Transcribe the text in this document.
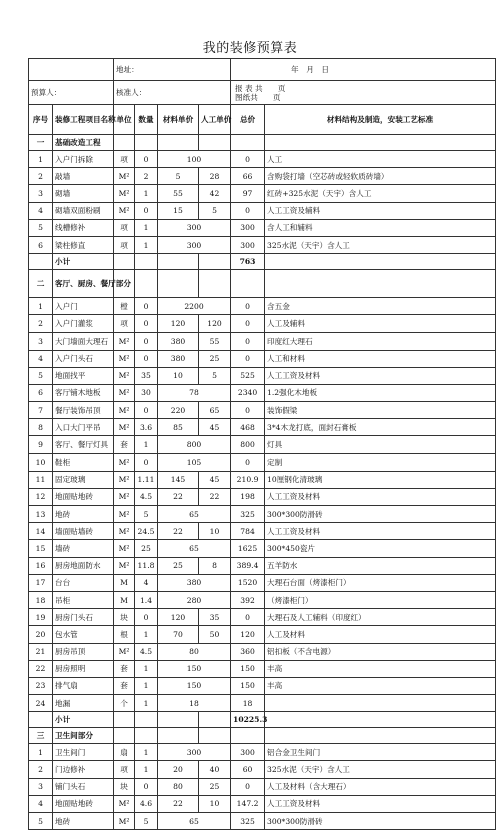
我的装修预算表
		地址：				年　月　日	
预算人：		核准人：				报 表 共　　页
图纸共　　页	

序号	装修工程项目名称	单位	数量	材料单价	人工单价	总价	材料结构及制造，安装工艺标准
一	基础改造工程						
1	入户门拆除	项	0	100		0	人工
2	敲墙	M²	2	5	28	66	含购袋打墙（空芯砖或轻软质砖墙）
3	砌墙	M²	1	55	42	97	红砖+325水泥（天宇）含人工
4	砌墙双面粉刷	M²	0	15	5	0	人工工资及辅料
5	线槽修补	项	1	300		300	含人工和辅料
6	梁柱修直	项	1	300		300	325水泥（天宇）含人工
	小计					763	
二	客厅、厨房、餐厅部分						
1	入户门	樘	0	2200		0	含五金
2	入户门灌浆	项	0	120	120	0	人工及辅料
3	大门墙面大理石	M²	0	380	55	0	印度红大理石
4	入户门头石	M²	0	380	25	0	人工和材料
5	地面找平	M²	35	10	5	525	人工工资及材料
6	客厅铺木地板	M²	30	78		2340	1.2强化木地板
7	餐厅装饰吊顶	M²	0	220	65	0	装饰假梁
8	入口大门平吊	M²	3.6	85	45	468	3*4木龙打底，面封石膏板
9	客厅、餐厅灯具	套	1	800		800	灯具
10	鞋柜	M²	0	105		0	定制
11	固定玻璃	M²	1.11	145	45	210.9	10厘钢化清玻璃
12	地面贴地砖	M²	4.5	22	22	198	人工工资及材料
13	地砖	M²	5	65		325	300*300防滑砖
14	墙面贴墙砖	M²	24.5	22	10	784	人工工资及材料
15	墙砖	M²	25	65		1625	300*450瓷片
16	厨房地面防水	M²	11.8	25	8	389.4	五羊防水
17	台台	M	4	380		1520	大理石台面（烤漆柜门）
18	吊柜	M	1.4	280		392	（烤漆柜门）
19	厨房门头石	块	0	120	35	0	大理石及人工辅料（印度红）
20	包水管	根	1	70	50	120	人工及材料
21	厨房吊顶	M²	4.5	80		360	铝扣板（不含电源）
22	厨房照明	套	1	150		150	丰高
23	排气扇	套	1	150		150	丰高
24	地漏	个	1	18		18	
	小计					10225.3	
三	卫生间部分						
1	卫生间门	扇	1	300		300	铝合金卫生间门
2	门边修补	项	1	20	40	60	325水泥（天宇）含人工
3	铺门头石	块	0	80	25	0	人工及材料（含大理石）
4	地面贴地砖	M²	4.6	22	10	147.2	人工工资及材料
5	地砖	M²	5	65		325	300*300防滑砖
